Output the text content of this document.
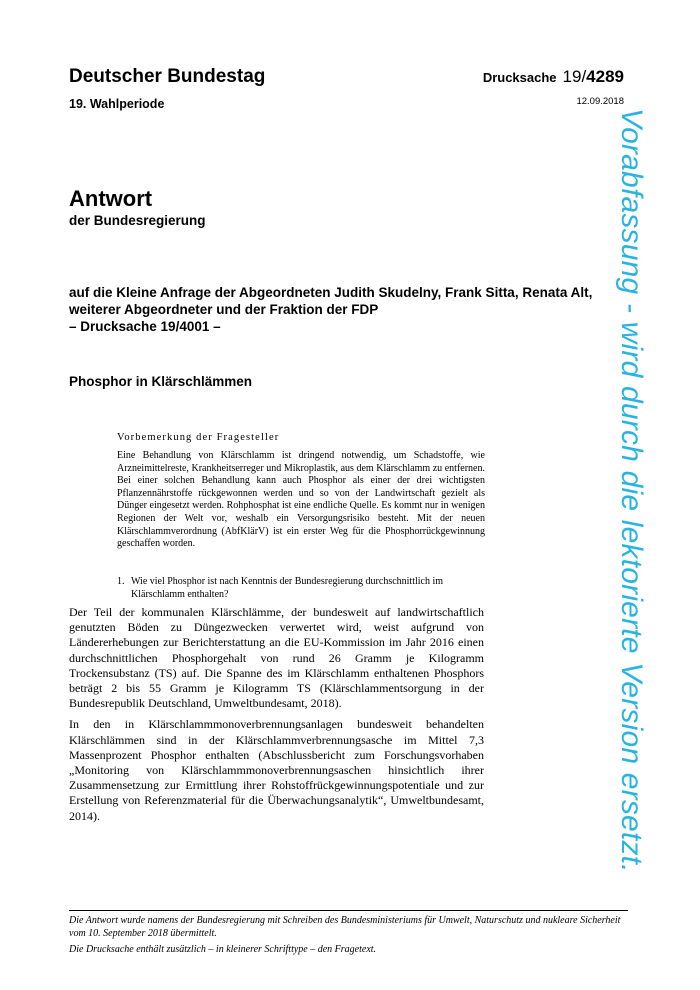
Deutscher Bundestag
19. Wahlperiode
Drucksache 19/4289
12.09.2018
Antwort
der Bundesregierung
auf die Kleine Anfrage der Abgeordneten Judith Skudelny, Frank Sitta, Renata Alt,
weiterer Abgeordneter und der Fraktion der FDP
– Drucksache 19/4001 –
Phosphor in Klärschlämmen
Vorbemerkung der Fragesteller
Eine Behandlung von Klärschlamm ist dringend notwendig, um Schadstoffe, wie Arzneimittelreste, Krankheitserreger und Mikroplastik, aus dem Klärschlamm zu entfernen. Bei einer solchen Behandlung kann auch Phosphor als einer der drei wichtigsten Pflanzennährstoffe rückgewonnen werden und so von der Landwirtschaft gezielt als Dünger eingesetzt werden. Rohphosphat ist eine endliche Quelle. Es kommt nur in wenigen Regionen der Welt vor, weshalb ein Versorgungsrisiko besteht. Mit der neuen Klärschlammverordnung (AbfKlärV) ist ein erster Weg für die Phosphorrückgewinnung geschaffen worden.
1. Wie viel Phosphor ist nach Kenntnis der Bundesregierung durchschnittlich im Klärschlamm enthalten?

Der Teil der kommunalen Klärschlämme, der bundesweit auf landwirtschaftlich genutzten Böden zu Düngezwecken verwertet wird, weist aufgrund von Ländererhebungen zur Berichterstattung an die EU-Kommission im Jahr 2016 einen durchschnittlichen Phosphorgehalt von rund 26 Gramm je Kilogramm Trockensubstanz (TS) auf. Die Spanne des im Klärschlamm enthaltenen Phosphors beträgt 2 bis 55 Gramm je Kilogramm TS (Klärschlammentsorgung in der Bundesrepublik Deutschland, Umweltbundesamt, 2018).

In den in Klärschlammmonoverbrennungsanlagen bundesweit behandelten Klärschlämmen sind in der Klärschlammverbrennungsasche im Mittel 7,3 Massenprozent Phosphor enthalten (Abschlussbericht zum Forschungsvorhaben „Monitoring von Klärschlammmonoverbrennungsaschen hinsichtlich ihrer Zusammensetzung zur Ermittlung ihrer Rohstoffrückgewinnungspotentiale und zur Erstellung von Referenzmaterial für die Überwachungsanalytik“, Umweltbundesamt, 2014).

Die Antwort wurde namens der Bundesregierung mit Schreiben des Bundesministeriums für Umwelt, Naturschutz und nukleare Sicherheit vom 10. September 2018 übermittelt.

Die Drucksache enthält zusätzlich – in kleinerer Schrifttype – den Fragetext.

Vorabfassung - wird durch die lektorierte Version ersetzt.
